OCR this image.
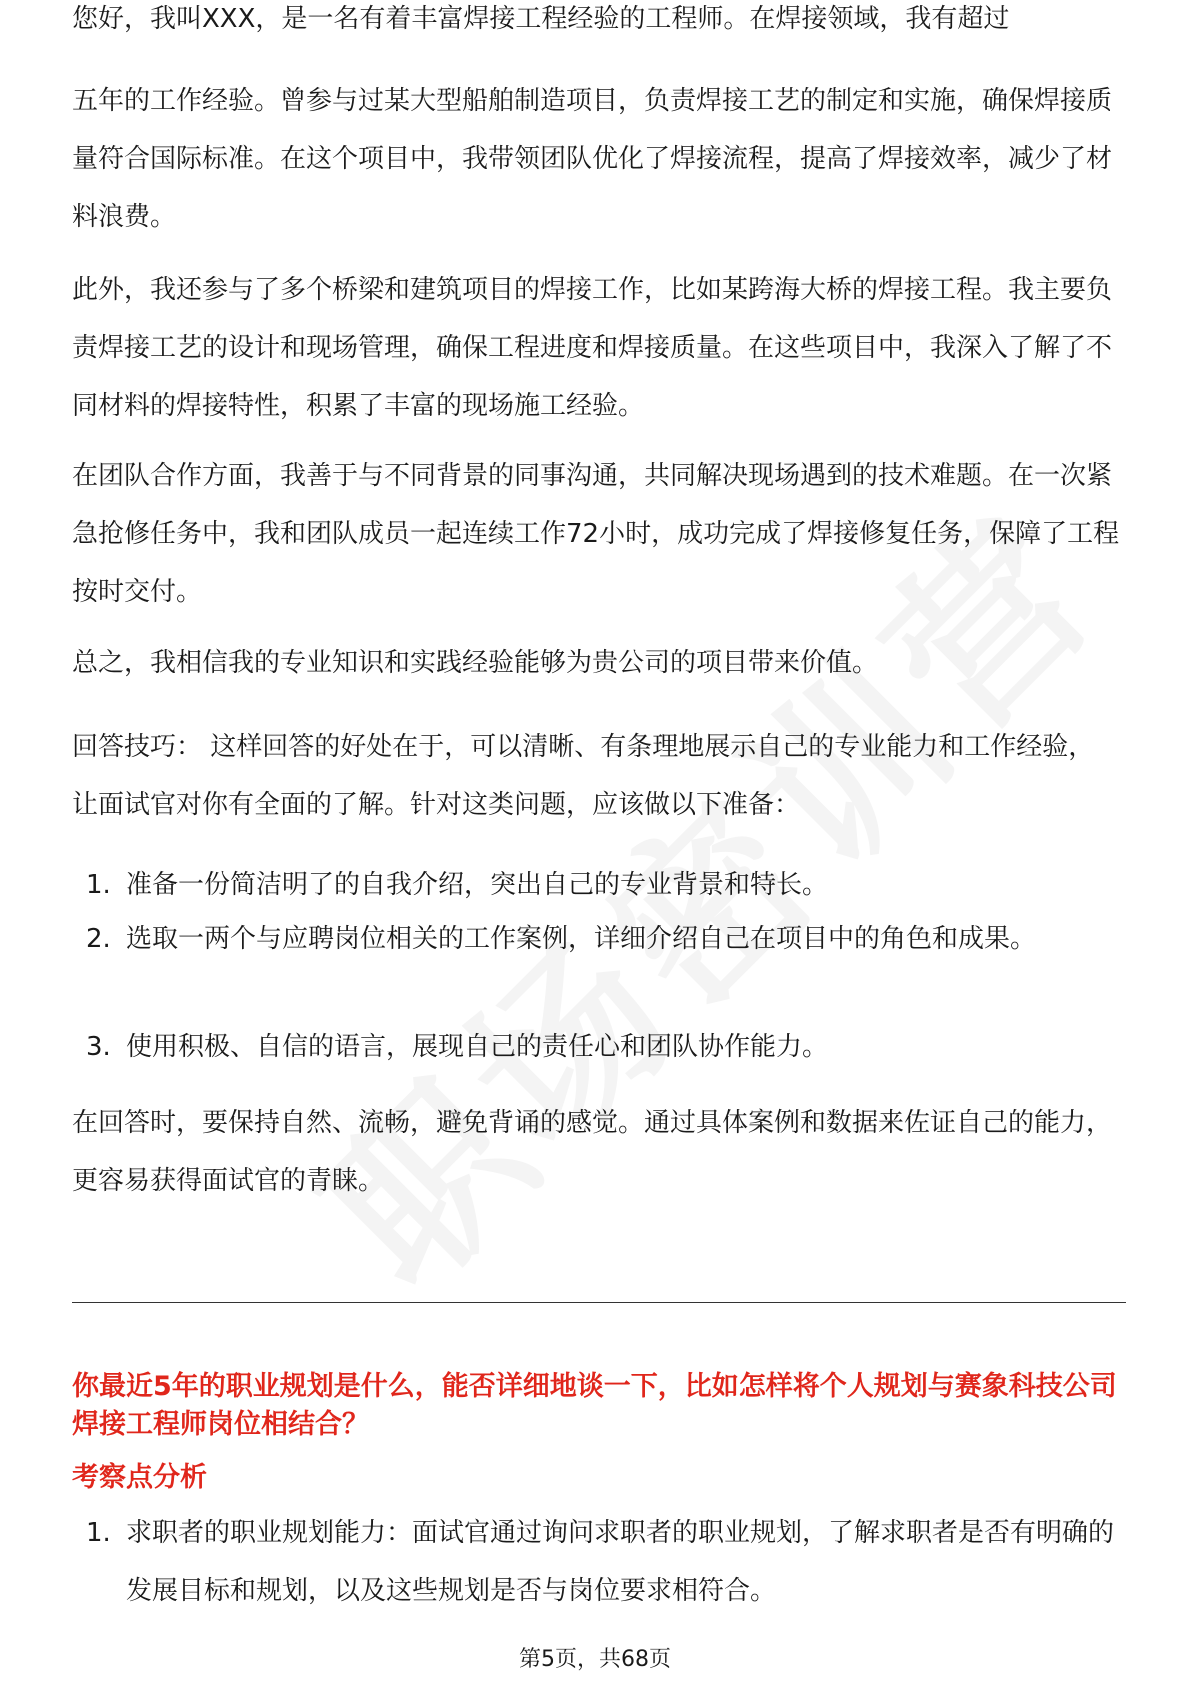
您好，我叫XXX，是一名有着丰富焊接工程经验的工程师。在焊接领域，我有超过

五年的工作经验。曾参与过某大型船舶制造项目，负责焊接工艺的制定和实施，确保焊接质量符合国际标准。在这个项目中，我带领团队优化了焊接流程，提高了焊接效率，减少了材料浪费。

此外，我还参与了多个桥梁和建筑项目的焊接工作，比如某跨海大桥的焊接工程。我主要负责焊接工艺的设计和现场管理，确保工程进度和焊接质量。在这些项目中，我深入了解了不同材料的焊接特性，积累了丰富的现场施工经验。

在团队合作方面，我善于与不同背景的同事沟通，共同解决现场遇到的技术难题。在一次紧急抢修任务中，我和团队成员一起连续工作72小时，成功完成了焊接修复任务，保障了工程按时交付。

总之，我相信我的专业知识和实践经验能够为贵公司的项目带来价值。

回答技巧： 这样回答的好处在于，可以清晰、有条理地展示自己的专业能力和工作经验，让面试官对你有全面的了解。针对这类问题，应该做以下准备：

1. 准备一份简洁明了的自我介绍，突出自己的专业背景和特长。
2. 选取一两个与应聘岗位相关的工作案例，详细介绍自己在项目中的角色和成果。
3. 使用积极、自信的语言，展现自己的责任心和团队协作能力。

在回答时，要保持自然、流畅，避免背诵的感觉。通过具体案例和数据来佐证自己的能力，更容易获得面试官的青睐。

你最近5年的职业规划是什么，能否详细地谈一下，比如怎样将个人规划与赛象科技公司焊接工程师岗位相结合？

考察点分析

1. 求职者的职业规划能力：面试官通过询问求职者的职业规划，了解求职者是否有明确的发展目标和规划，以及这些规划是否与岗位要求相符合。
第5页，共68页
